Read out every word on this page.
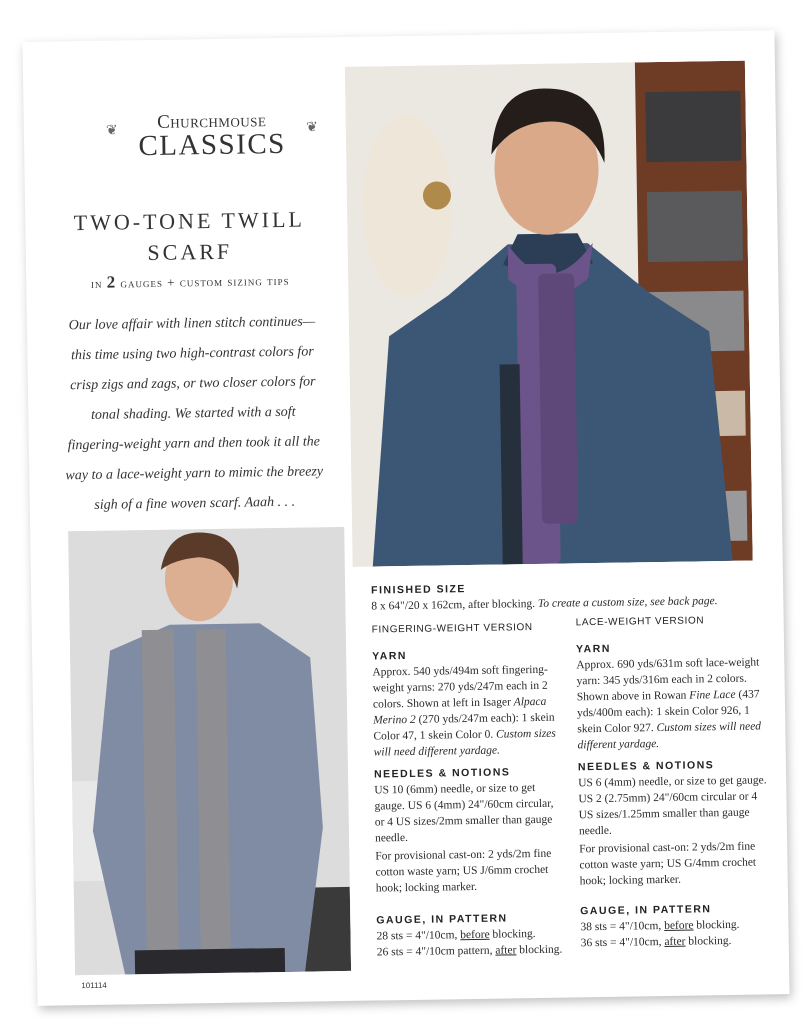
❦	Churchmouse
CLASSICS	❦
TWO-TONE TWILL
SCARF
in 2 gauges + custom sizing tips
Our love affair with linen stitch continues—this time using two high-contrast colors for crisp zigs and zags, or two closer colors for tonal shading. We started with a soft fingering-weight yarn and then took it all the way to a lace-weight yarn to mimic the breezy sigh of a fine woven scarf. Aaah . . .
FINISHED SIZE
8 x 64"/20 x 162cm, after blocking. To create a custom size, see back page.
FINGERING-WEIGHT VERSION
YARN
Approx. 540 yds/494m soft fingering-weight yarns: 270 yds/247m each in 2 colors. Shown at left in Isager Alpaca Merino 2 (270 yds/247m each): 1 skein Color 47, 1 skein Color 0. Custom sizes will need different yardage.
NEEDLES & NOTIONS
US 10 (6mm) needle, or size to get gauge. US 6 (4mm) 24"/60cm circular, or 4 US sizes/2mm smaller than gauge needle.
For provisional cast-on: 2 yds/2m fine cotton waste yarn; US J/6mm crochet hook; locking marker.
GAUGE, IN PATTERN
28 sts = 4"/10cm, before blocking.
26 sts = 4"/10cm pattern, after blocking.
LACE-WEIGHT VERSION
YARN
Approx. 690 yds/631m soft lace-weight yarn: 345 yds/316m each in 2 colors. Shown above in Rowan Fine Lace (437 yds/400m each): 1 skein Color 926, 1 skein Color 927. Custom sizes will need different yardage.
NEEDLES & NOTIONS
US 6 (4mm) needle, or size to get gauge. US 2 (2.75mm) 24"/60cm circular or 4 US sizes/1.25mm smaller than gauge needle.
For provisional cast-on: 2 yds/2m fine cotton waste yarn; US G/4mm crochet hook; locking marker.
GAUGE, IN PATTERN
38 sts = 4"/10cm, before blocking.
36 sts = 4"/10cm, after blocking.
101114
